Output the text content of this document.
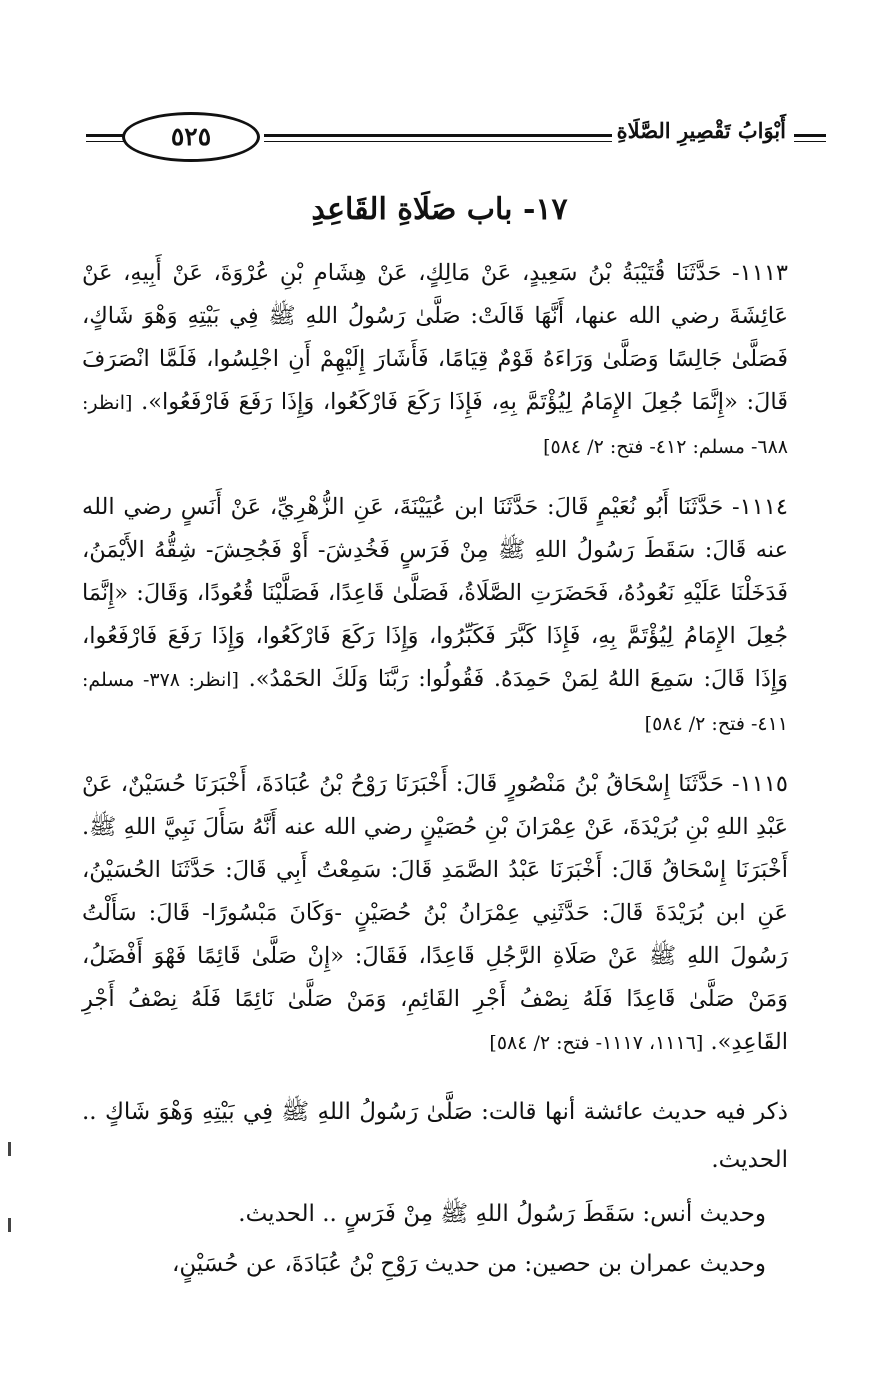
٥٢٥	أَبْوَابُ تَقْصِيرِ الصَّلَاةِ
١٧- باب صَلَاةِ القَاعِدِ
١١١٣- حَدَّثَنَا قُتَيْبَةُ بْنُ سَعِيدٍ، عَنْ مَالِكٍ، عَنْ هِشَامِ بْنِ عُرْوَةَ، عَنْ أَبِيهِ، عَنْ عَائِشَةَ رضي الله عنها، أَنَّهَا قَالَتْ: صَلَّىٰ رَسُولُ اللهِ ﷺ فِي بَيْتِهِ وَهْوَ شَاكٍ، فَصَلَّىٰ جَالِسًا وَصَلَّىٰ وَرَاءَهُ قَوْمٌ قِيَامًا، فَأَشَارَ إِلَيْهِمْ أَنِ اجْلِسُوا، فَلَمَّا انْصَرَفَ قَالَ: «إِنَّمَا جُعِلَ الإِمَامُ لِيُؤْتَمَّ بِهِ، فَإِذَا رَكَعَ فَارْكَعُوا، وَإِذَا رَفَعَ فَارْفَعُوا». [انظر: ٦٨٨- مسلم: ٤١٢- فتح: ٢/ ٥٨٤]
١١١٤- حَدَّثَنَا أَبُو نُعَيْمٍ قَالَ: حَدَّثَنَا ابن عُيَيْنَةَ، عَنِ الزُّهْرِيِّ، عَنْ أَنَسٍ رضي الله عنه قَالَ: سَقَطَ رَسُولُ اللهِ ﷺ مِنْ فَرَسٍ فَخُدِشَ- أَوْ فَجُحِشَ- شِقُّهُ الأَيْمَنُ، فَدَخَلْنَا عَلَيْهِ نَعُودُهُ، فَحَضَرَتِ الصَّلَاةُ، فَصَلَّىٰ قَاعِدًا، فَصَلَّيْنَا قُعُودًا، وَقَالَ: «إِنَّمَا جُعِلَ الإِمَامُ لِيُؤْتَمَّ بِهِ، فَإِذَا كَبَّرَ فَكَبِّرُوا، وَإِذَا رَكَعَ فَارْكَعُوا، وَإِذَا رَفَعَ فَارْفَعُوا، وَإِذَا قَالَ: سَمِعَ اللهُ لِمَنْ حَمِدَهُ. فَقُولُوا: رَبَّنَا وَلَكَ الحَمْدُ». [انظر: ٣٧٨- مسلم: ٤١١- فتح: ٢/ ٥٨٤]
١١١٥- حَدَّثَنَا إِسْحَاقُ بْنُ مَنْصُورٍ قَالَ: أَخْبَرَنَا رَوْحُ بْنُ عُبَادَةَ، أَخْبَرَنَا حُسَيْنٌ، عَنْ عَبْدِ اللهِ بْنِ بُرَيْدَةَ، عَنْ عِمْرَانَ بْنِ حُصَيْنٍ رضي الله عنه أَنَّهُ سَأَلَ نَبِيَّ اللهِ ﷺ. أَخْبَرَنَا إِسْحَاقُ قَالَ: أَخْبَرَنَا عَبْدُ الصَّمَدِ قَالَ: سَمِعْتُ أَبِي قَالَ: حَدَّثَنَا الحُسَيْنُ، عَنِ ابن بُرَيْدَةَ قَالَ: حَدَّثَنِي عِمْرَانُ بْنُ حُصَيْنٍ -وَكَانَ مَبْسُورًا- قَالَ: سَأَلْتُ رَسُولَ اللهِ ﷺ عَنْ صَلَاةِ الرَّجُلِ قَاعِدًا، فَقَالَ: «إِنْ صَلَّىٰ قَائِمًا فَهْوَ أَفْضَلُ، وَمَنْ صَلَّىٰ قَاعِدًا فَلَهُ نِصْفُ أَجْرِ القَائِمِ، وَمَنْ صَلَّىٰ نَائِمًا فَلَهُ نِصْفُ أَجْرِ القَاعِدِ». [١١١٦، ١١١٧- فتح: ٢/ ٥٨٤]
ذكر فيه حديث عائشة أنها قالت: صَلَّىٰ رَسُولُ اللهِ ﷺ فِي بَيْتِهِ وَهْوَ شَاكٍ .. الحديث.
وحديث أنس: سَقَطَ رَسُولُ اللهِ ﷺ مِنْ فَرَسٍ .. الحديث.
وحديث عمران بن حصين: من حديث رَوْحِ بْنُ عُبَادَةَ، عن حُسَيْنٍ،
